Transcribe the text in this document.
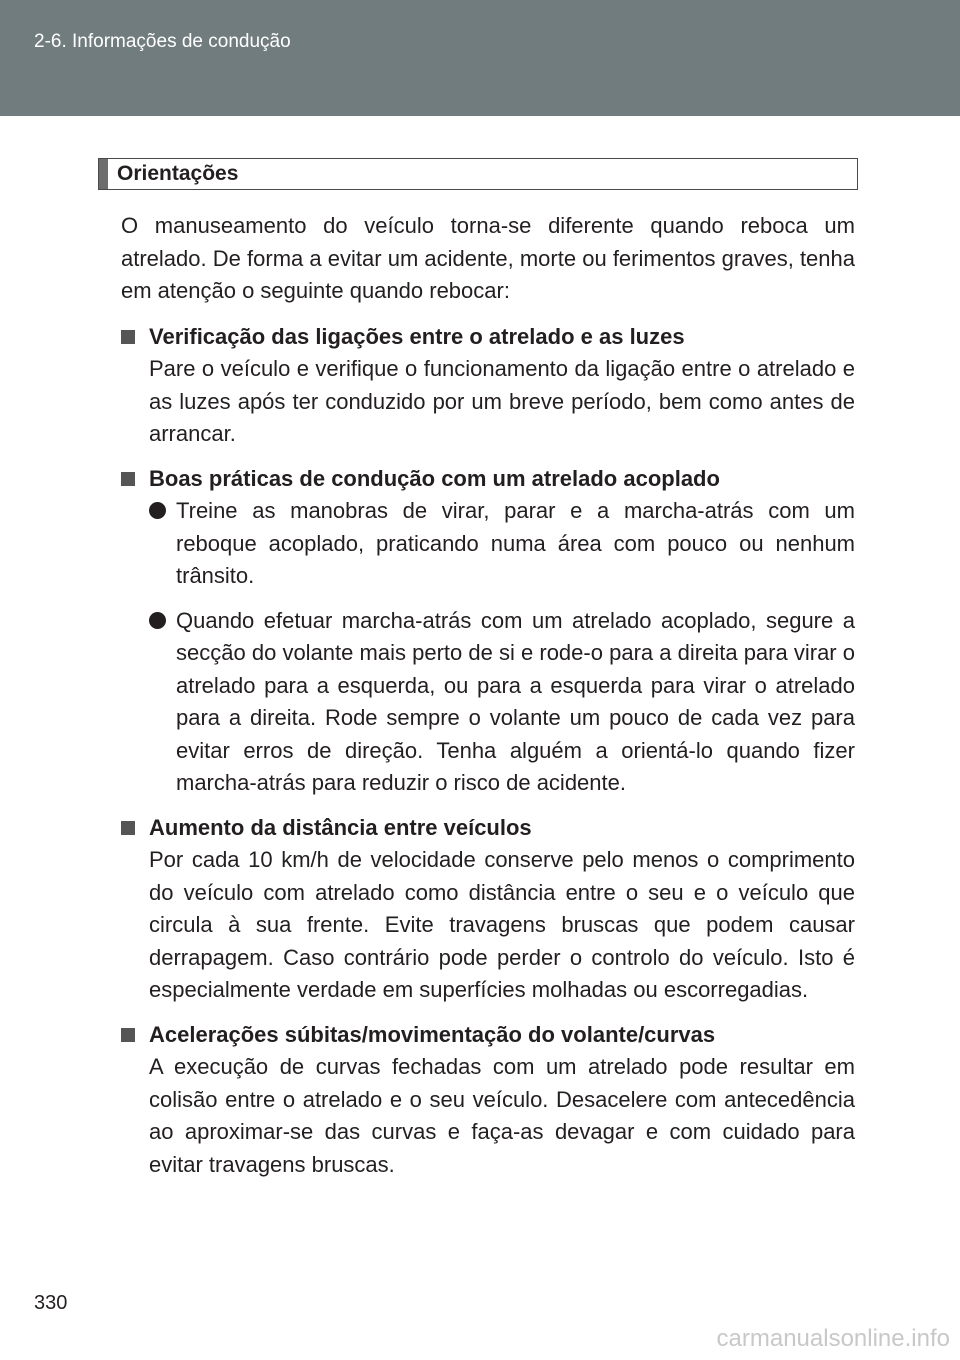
2-6. Informações de condução
Orientações

O manuseamento do veículo torna-se diferente quando reboca um atrelado. De forma a evitar um acidente, morte ou ferimentos graves, tenha em atenção o seguinte quando rebocar:

Verificação das ligações entre o atrelado e as luzes

Pare o veículo e verifique o funcionamento da ligação entre o atrelado e as luzes após ter conduzido por um breve período, bem como antes de arrancar.

Boas práticas de condução com um atrelado acoplado

Treine as manobras de virar, parar e a marcha-atrás com um reboque acoplado, praticando numa área com pouco ou nenhum trânsito.

Quando efetuar marcha-atrás com um atrelado acoplado, segure a secção do volante mais perto de si e rode-o para a direita para virar o atrelado para a esquerda, ou para a esquerda para virar o atrelado para a direita. Rode sempre o volante um pouco de cada vez para evitar erros de direção. Tenha alguém a orientá-lo quando fizer marcha-atrás para reduzir o risco de acidente.

Aumento da distância entre veículos

Por cada 10 km/h de velocidade conserve pelo menos o comprimento do veículo com atrelado como distância entre o seu e o veículo que circula à sua frente. Evite travagens bruscas que podem causar derrapagem. Caso contrário pode perder o controlo do veículo. Isto é especialmente verdade em superfícies molhadas ou escorregadias.

Acelerações súbitas/movimentação do volante/curvas

A execução de curvas fechadas com um atrelado pode resultar em colisão entre o atrelado e o seu veículo. Desacelere com antecedência ao aproximar-se das curvas e faça-as devagar e com cuidado para evitar travagens bruscas.

330
carmanualsonline.info
